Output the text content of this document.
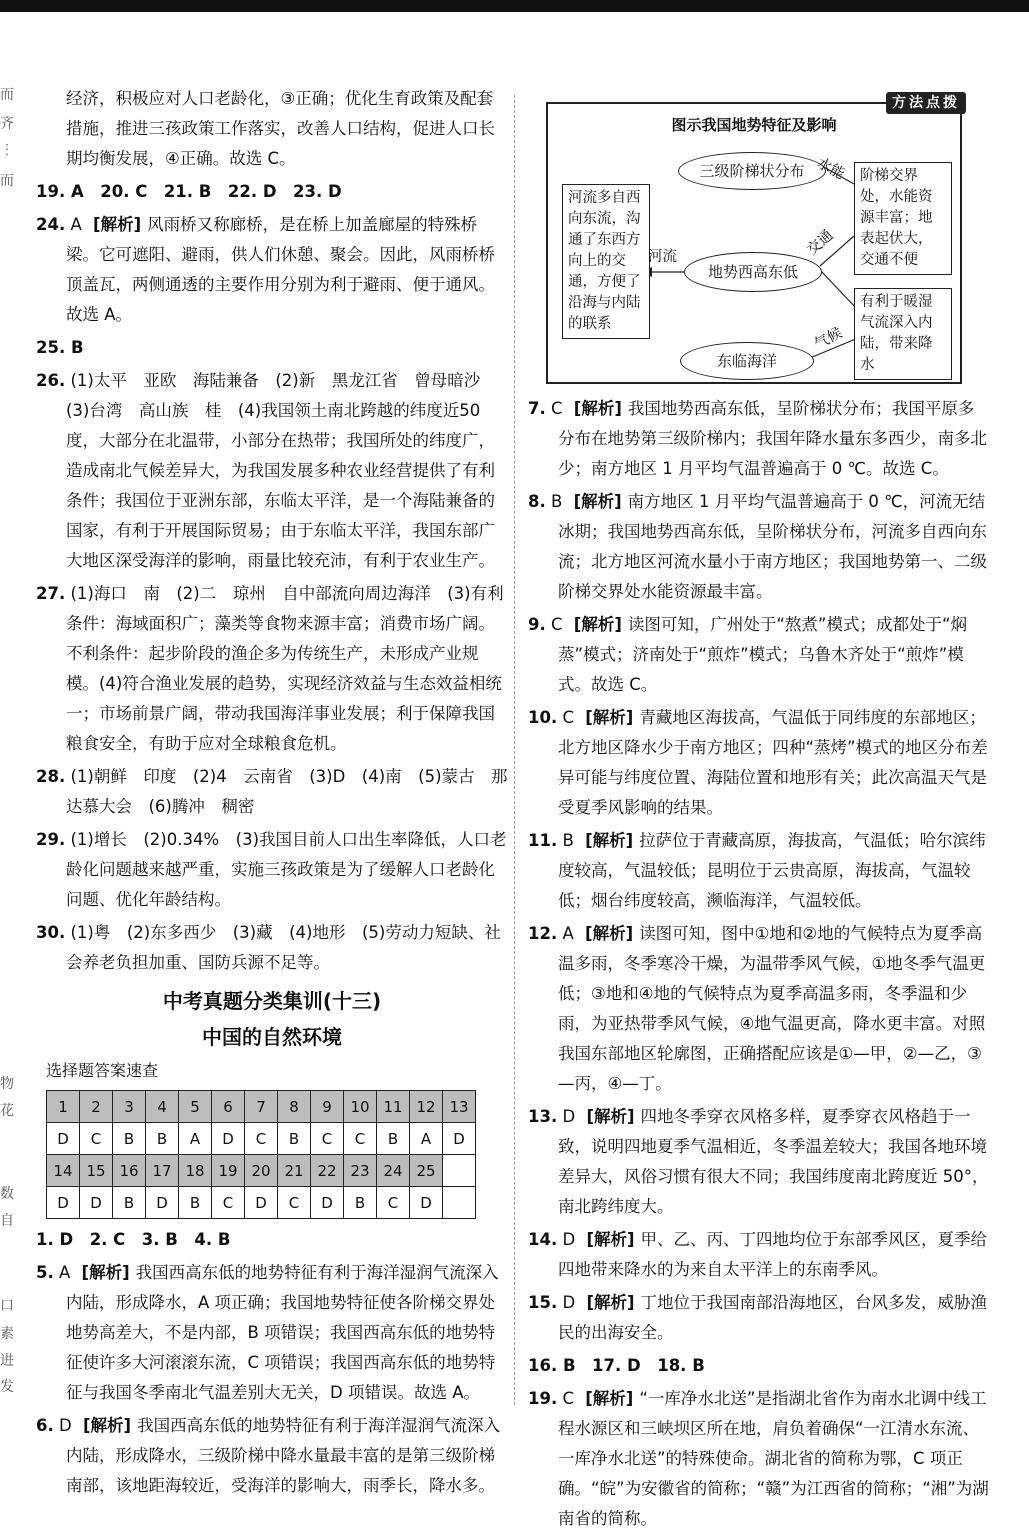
而
齐
︙
而
物
花
数
自
口
素
进
发

经济，积极应对人口老龄化，③正确；优化生育政策及配套措施，推进三孩政策工作落实，改善人口结构，促进人口长期均衡发展，④正确。故选 C。

19. A　20. C　21. B　22. D　23. D

24. A [解析] 风雨桥又称廊桥，是在桥上加盖廊屋的特殊桥梁。它可遮阳、避雨，供人们休憩、聚会。因此，风雨桥桥顶盖瓦，两侧通透的主要作用分别为利于避雨、便于通风。故选 A。

25. B

26. (1)太平　亚欧　海陆兼备　(2)新　黑龙江省　曾母暗沙　(3)台湾　高山族　桂　(4)我国领土南北跨越的纬度近50度，大部分在北温带，小部分在热带；我国所处的纬度广，造成南北气候差异大，为我国发展多种农业经营提供了有利条件；我国位于亚洲东部，东临太平洋，是一个海陆兼备的国家，有利于开展国际贸易；由于东临太平洋，我国东部广大地区深受海洋的影响，雨量比较充沛，有利于农业生产。

27. (1)海口　南　(2)二　琼州　自中部流向周边海洋　(3)有利条件：海域面积广；藻类等食物来源丰富；消费市场广阔。不利条件：起步阶段的渔企多为传统生产，未形成产业规模。(4)符合渔业发展的趋势，实现经济效益与生态效益相统一；市场前景广阔，带动我国海洋事业发展；利于保障我国粮食安全，有助于应对全球粮食危机。

28. (1)朝鲜　印度　(2)4　云南省　(3)D　(4)南　(5)蒙古　那达慕大会　(6)腾冲　稠密

29. (1)增长　(2)0.34%　(3)我国目前人口出生率降低，人口老龄化问题越来越严重，实施三孩政策是为了缓解人口老龄化问题、优化年龄结构。

30. (1)粤　(2)东多西少　(3)藏　(4)地形　(5)劳动力短缺、社会养老负担加重、国防兵源不足等。

中考真题分类集训(十三)
中国的自然环境
选择题答案速查
1	2	3	4	5	6	7	8	9	10	11	12	13
D	C	B	B	A	D	C	B	C	C	B	A	D
14	15	16	17	18	19	20	21	22	23	24	25	
D	D	B	D	B	C	D	C	D	B	C	D	

1. D　2. C　3. B　4. B

5. A [解析] 我国西高东低的地势特征有利于海洋湿润气流深入内陆，形成降水，A 项正确；我国地势特征使各阶梯交界处地势高差大，不是内部，B 项错误；我国西高东低的地势特征使许多大河滚滚东流，C 项错误；我国西高东低的地势特征与我国冬季南北气温差别大无关，D 项错误。故选 A。

6. D [解析] 我国西高东低的地势特征有利于海洋湿润气流深入内陆，形成降水，三级阶梯中降水量最丰富的是第三级阶梯南部，该地距海较近，受海洋的影响大，雨季长，降水多。

方法点拨
图示我国地势特征及影响
三级阶梯状分布
地势西高东低
东临海洋
河流多自西向东流，沟通了东西方向上的交通，方便了沿海与内陆的联系
阶梯交界处，水能资源丰富；地表起伏大，交通不便
有利于暖湿气流深入内陆，带来降水
水能
交通
河流
气候

7. C [解析] 我国地势西高东低，呈阶梯状分布；我国平原多分布在地势第三级阶梯内；我国年降水量东多西少，南多北少；南方地区 1 月平均气温普遍高于 0 ℃。故选 C。

8. B [解析] 南方地区 1 月平均气温普遍高于 0 ℃，河流无结冰期；我国地势西高东低，呈阶梯状分布，河流多自西向东流；北方地区河流水量小于南方地区；我国地势第一、二级阶梯交界处水能资源最丰富。

9. C [解析] 读图可知，广州处于“熬煮”模式；成都处于“焖蒸”模式；济南处于“煎炸”模式；乌鲁木齐处于“煎炸”模式。故选 C。

10. C [解析] 青藏地区海拔高，气温低于同纬度的东部地区；北方地区降水少于南方地区；四种“蒸烤”模式的地区分布差异可能与纬度位置、海陆位置和地形有关；此次高温天气是受夏季风影响的结果。

11. B [解析] 拉萨位于青藏高原，海拔高，气温低；哈尔滨纬度较高，气温较低；昆明位于云贵高原，海拔高，气温较低；烟台纬度较高，濒临海洋，气温较低。

12. A [解析] 读图可知，图中①地和②地的气候特点为夏季高温多雨，冬季寒冷干燥，为温带季风气候，①地冬季气温更低；③地和④地的气候特点为夏季高温多雨，冬季温和少雨，为亚热带季风气候，④地气温更高，降水更丰富。对照我国东部地区轮廓图，正确搭配应该是①—甲，②—乙，③—丙，④—丁。

13. D [解析] 四地冬季穿衣风格多样，夏季穿衣风格趋于一致，说明四地夏季气温相近，冬季温差较大；我国各地环境差异大，风俗习惯有很大不同；我国纬度南北跨度近 50°，南北跨纬度大。

14. D [解析] 甲、乙、丙、丁四地均位于东部季风区，夏季给四地带来降水的为来自太平洋上的东南季风。

15. D [解析] 丁地位于我国南部沿海地区，台风多发，威胁渔民的出海安全。

16. B　17. D　18. B

19. C [解析] “一库净水北送”是指湖北省作为南水北调中线工程水源区和三峡坝区所在地，肩负着确保“一江清水东流、一库净水北送”的特殊使命。湖北省的简称为鄂，C 项正确。“皖”为安徽省的简称；“赣”为江西省的简称；“湘”为湖南省的简称。
